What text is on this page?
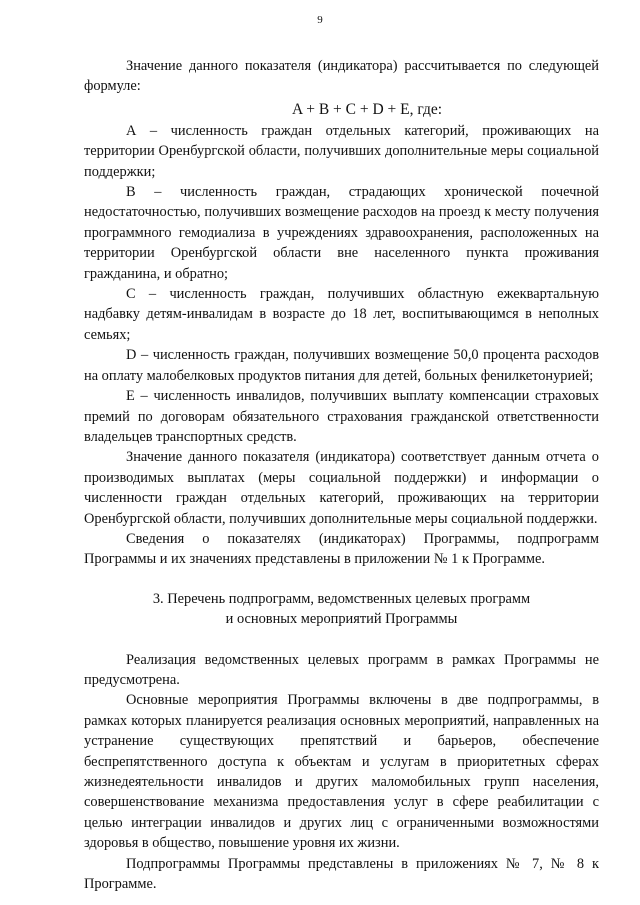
9

Значение данного показателя (индикатора) рассчитывается по следующей формуле:

A + B + C + D + E, где:

А – численность граждан отдельных категорий, проживающих на территории Оренбургской области, получивших дополнительные меры социальной поддержки;

В – численность граждан, страдающих хронической почечной недостаточностью, получивших возмещение расходов на проезд к месту получения программного гемодиализа в учреждениях здравоохранения, расположенных на территории Оренбургской области вне населенного пункта проживания гражданина, и обратно;

С – численность граждан, получивших областную ежеквартальную надбавку детям-инвалидам в возрасте до 18 лет, воспитывающимся в неполных семьях;

D – численность граждан, получивших возмещение 50,0 процента расходов на оплату малобелковых продуктов питания для детей, больных фенилкетонурией;

Е – численность инвалидов, получивших выплату компенсации страховых премий по договорам обязательного страхования гражданской ответственности владельцев транспортных средств.

Значение данного показателя (индикатора) соответствует данным отчета о производимых выплатах (меры социальной поддержки) и информации о численности граждан отдельных категорий, проживающих на территории Оренбургской области, получивших дополнительные меры социальной поддержки.

Сведения о показателях (индикаторах) Программы, подпрограмм Программы и их значениях представлены в приложении № 1 к Программе.

3. Перечень подпрограмм, ведомственных целевых программ
и основных мероприятий Программы

Реализация ведомственных целевых программ в рамках Программы не предусмотрена.

Основные мероприятия Программы включены в две подпрограммы, в рамках которых планируется реализация основных мероприятий, направленных на устранение существующих препятствий и барьеров, обеспечение беспрепятственного доступа к объектам и услугам в приоритетных сферах жизнедеятельности инвалидов и других маломобильных групп населения, совершенствование механизма предоставления услуг в сфере реабилитации с целью интеграции инвалидов и других лиц с ограниченными возможностями здоровья в общество, повышение уровня их жизни.

Подпрограммы Программы представлены в приложениях № 7, № 8 к Программе.
